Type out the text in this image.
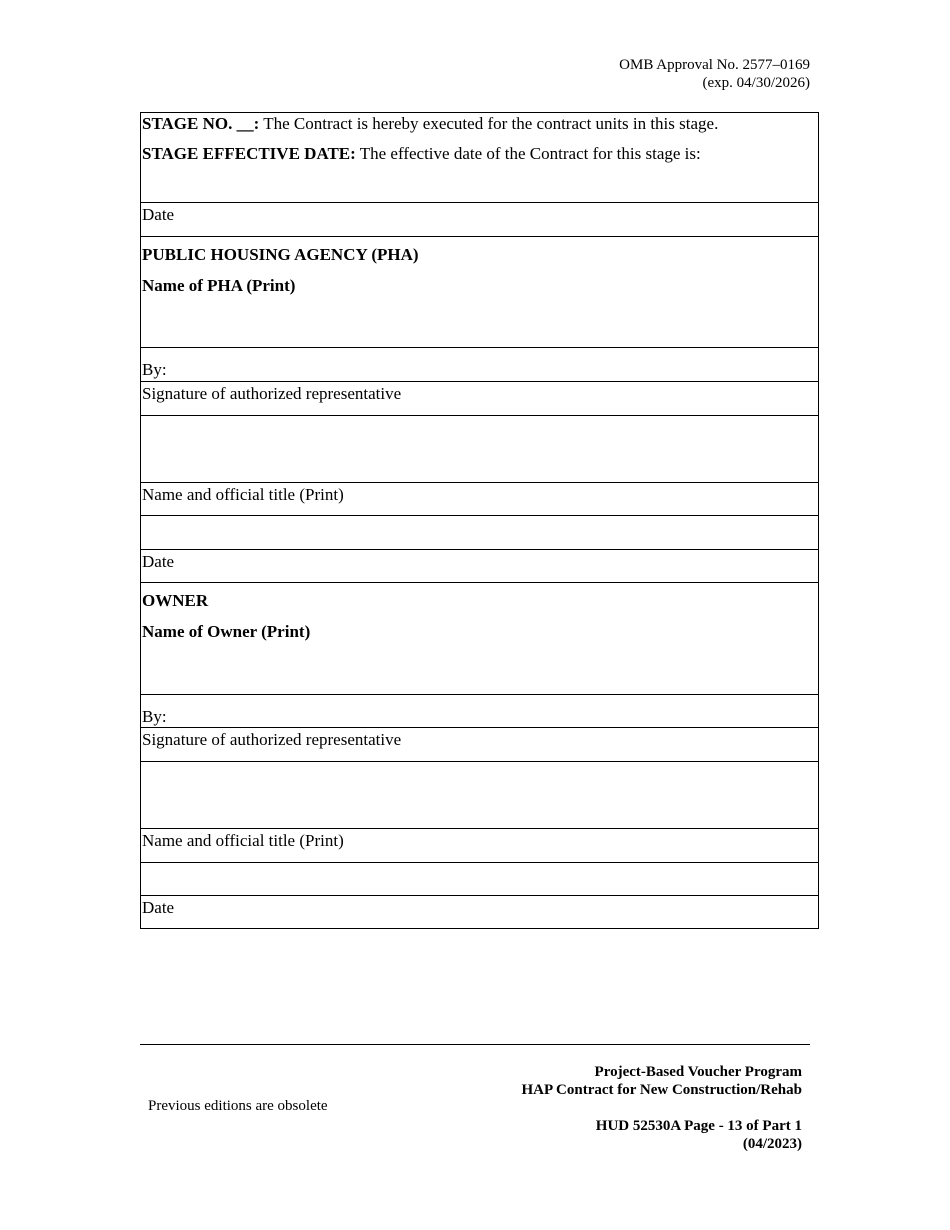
OMB Approval No. 2577–0169
(exp. 04/30/2026)
STAGE NO. __: The Contract is hereby executed for the contract units in this stage.
STAGE EFFECTIVE DATE: The effective date of the Contract for this stage is:
Date
PUBLIC HOUSING AGENCY (PHA)
Name of PHA (Print)
By:
Signature of authorized representative
Name and official title (Print)
Date
OWNER
Name of Owner (Print)
By:
Signature of authorized representative
Name and official title (Print)
Date
Previous editions are obsolete
Project-Based Voucher Program
HAP Contract for New Construction/Rehab
HUD 52530A Page - 13 of Part 1
(04/2023)
